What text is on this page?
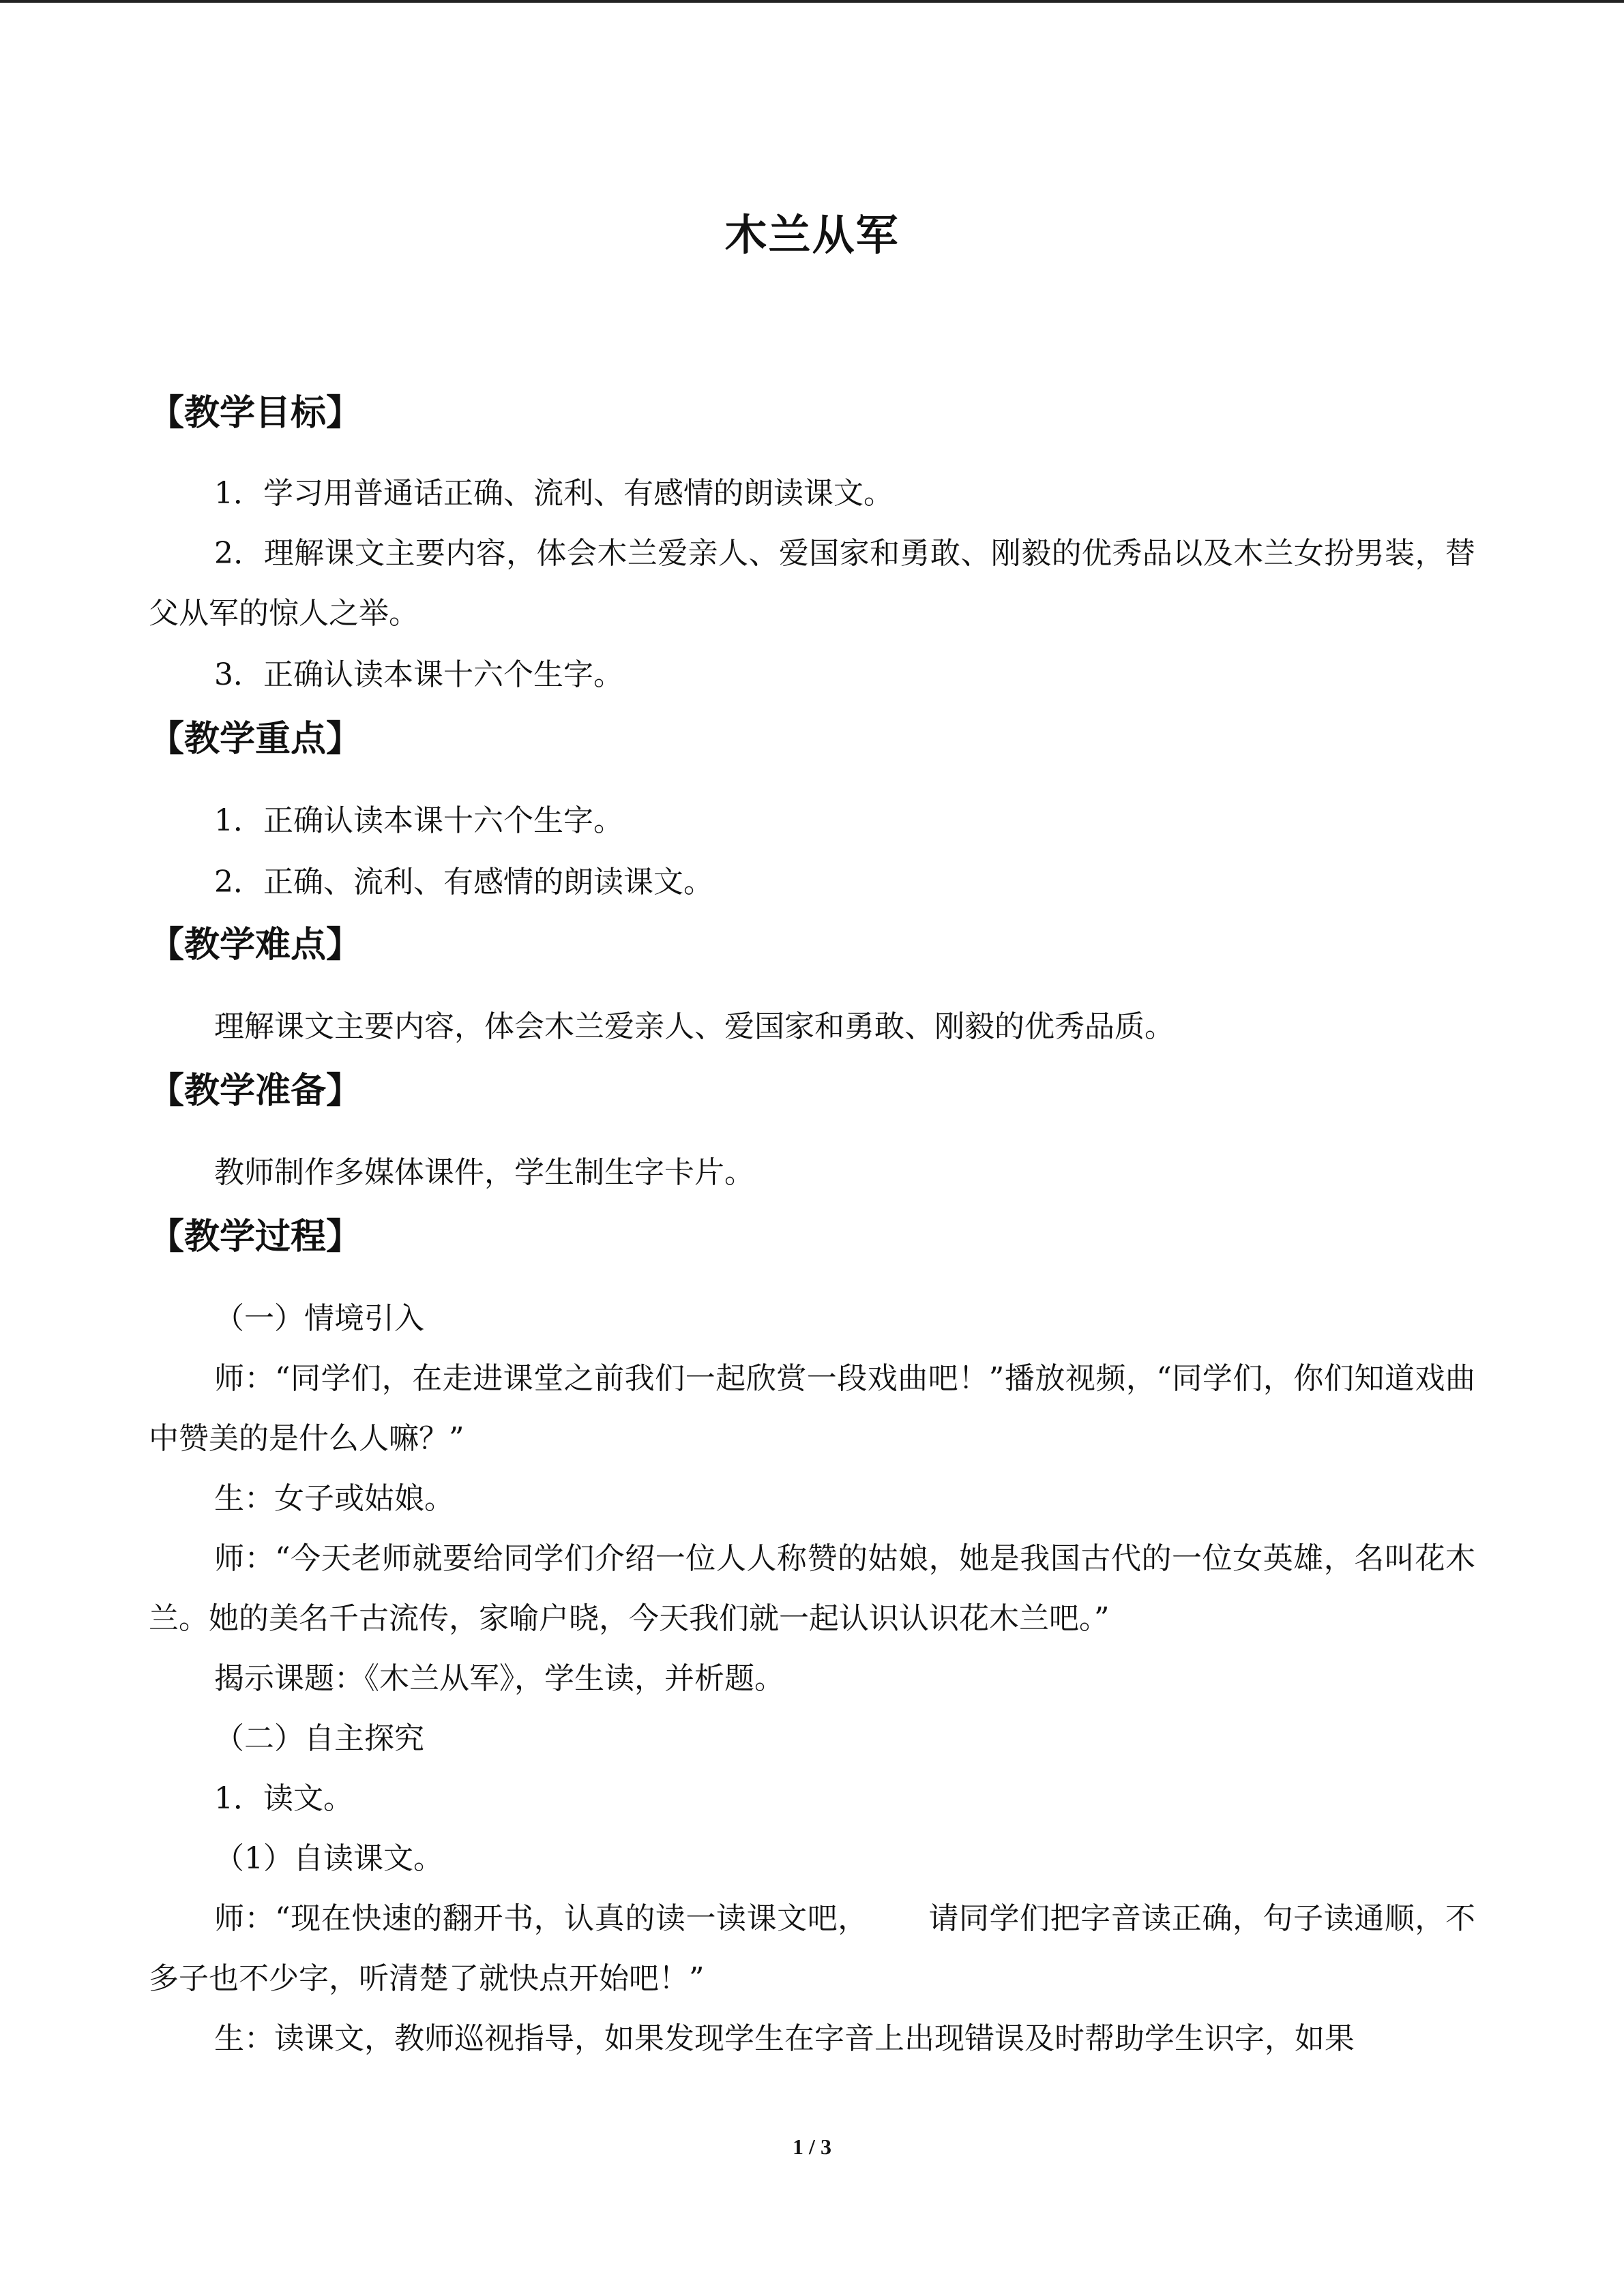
木兰从军
【教学目标】
1．学习用普通话正确、流利、有感情的朗读课文。
2．理解课文主要内容，体会木兰爱亲人、爱国家和勇敢、刚毅的优秀品以及木兰女扮男装，替父从军的惊人之举。
3．正确认读本课十六个生字。
【教学重点】
1．正确认读本课十六个生字。
2．正确、流利、有感情的朗读课文。
【教学难点】
理解课文主要内容，体会木兰爱亲人、爱国家和勇敢、刚毅的优秀品质。
【教学准备】
教师制作多媒体课件，学生制生字卡片。
【教学过程】
（一）情境引入
师：“同学们，在走进课堂之前我们一起欣赏一段戏曲吧！”播放视频，“同学们，你们知道戏曲中赞美的是什么人嘛？”
生：女子或姑娘。
师：“今天老师就要给同学们介绍一位人人称赞的姑娘，她是我国古代的一位女英雄，名叫花木兰。她的美名千古流传，家喻户晓，今天我们就一起认识认识花木兰吧。”
揭示课题：《木兰从军》，学生读，并析题。
（二）自主探究
1．读文。
（1）自读课文。
师：“现在快速的翻开书，认真的读一读课文吧， 请同学们把字音读正确，句子读通顺，不多子也不少字，听清楚了就快点开始吧！”
生：读课文，教师巡视指导，如果发现学生在字音上出现错误及时帮助学生识字，如果
1 / 3
